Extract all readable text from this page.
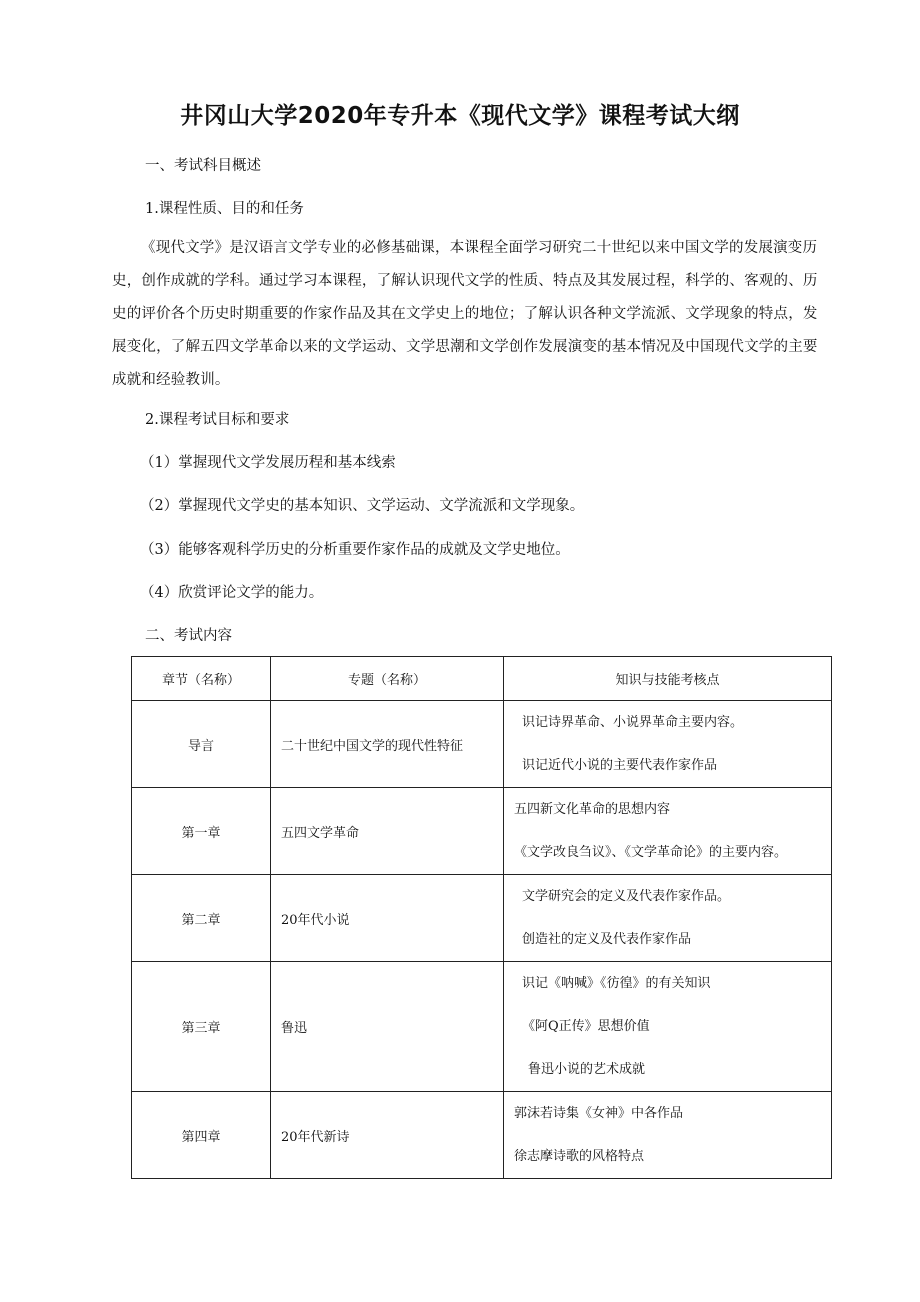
井冈山大学2020年专升本《现代文学》课程考试大纲
一、考试科目概述
1.课程性质、目的和任务
《现代文学》是汉语言文学专业的必修基础课，本课程全面学习研究二十世纪以来中国文学的发展演变历史，创作成就的学科。通过学习本课程，了解认识现代文学的性质、特点及其发展过程，科学的、客观的、历史的评价各个历史时期重要的作家作品及其在文学史上的地位；了解认识各种文学流派、文学现象的特点，发展变化，了解五四文学革命以来的文学运动、文学思潮和文学创作发展演变的基本情况及中国现代文学的主要成就和经验教训。
2.课程考试目标和要求
（1）掌握现代文学发展历程和基本线索
（2）掌握现代文学史的基本知识、文学运动、文学流派和文学现象。
（3）能够客观科学历史的分析重要作家作品的成就及文学史地位。
（4）欣赏评论文学的能力。
二、考试内容
章节（名称）	专题（名称）	知识与技能考核点
导言	二十世纪中国文学的现代性特征	识记诗界革命、小说界革命主要内容。
识记近代小说的主要代表作家作品

第一章	五四文学革命	五四新文化革命的思想内容
《文学改良刍议》、《文学革命论》的主要内容。

第二章	20年代小说	文学研究会的定义及代表作家作品。
创造社的定义及代表作家作品

第三章	鲁迅	识记《呐喊》《彷徨》的有关知识
《阿Q正传》思想价值
鲁迅小说的艺术成就

第四章	20年代新诗	郭沫若诗集《女神》中各作品
徐志摩诗歌的风格特点
